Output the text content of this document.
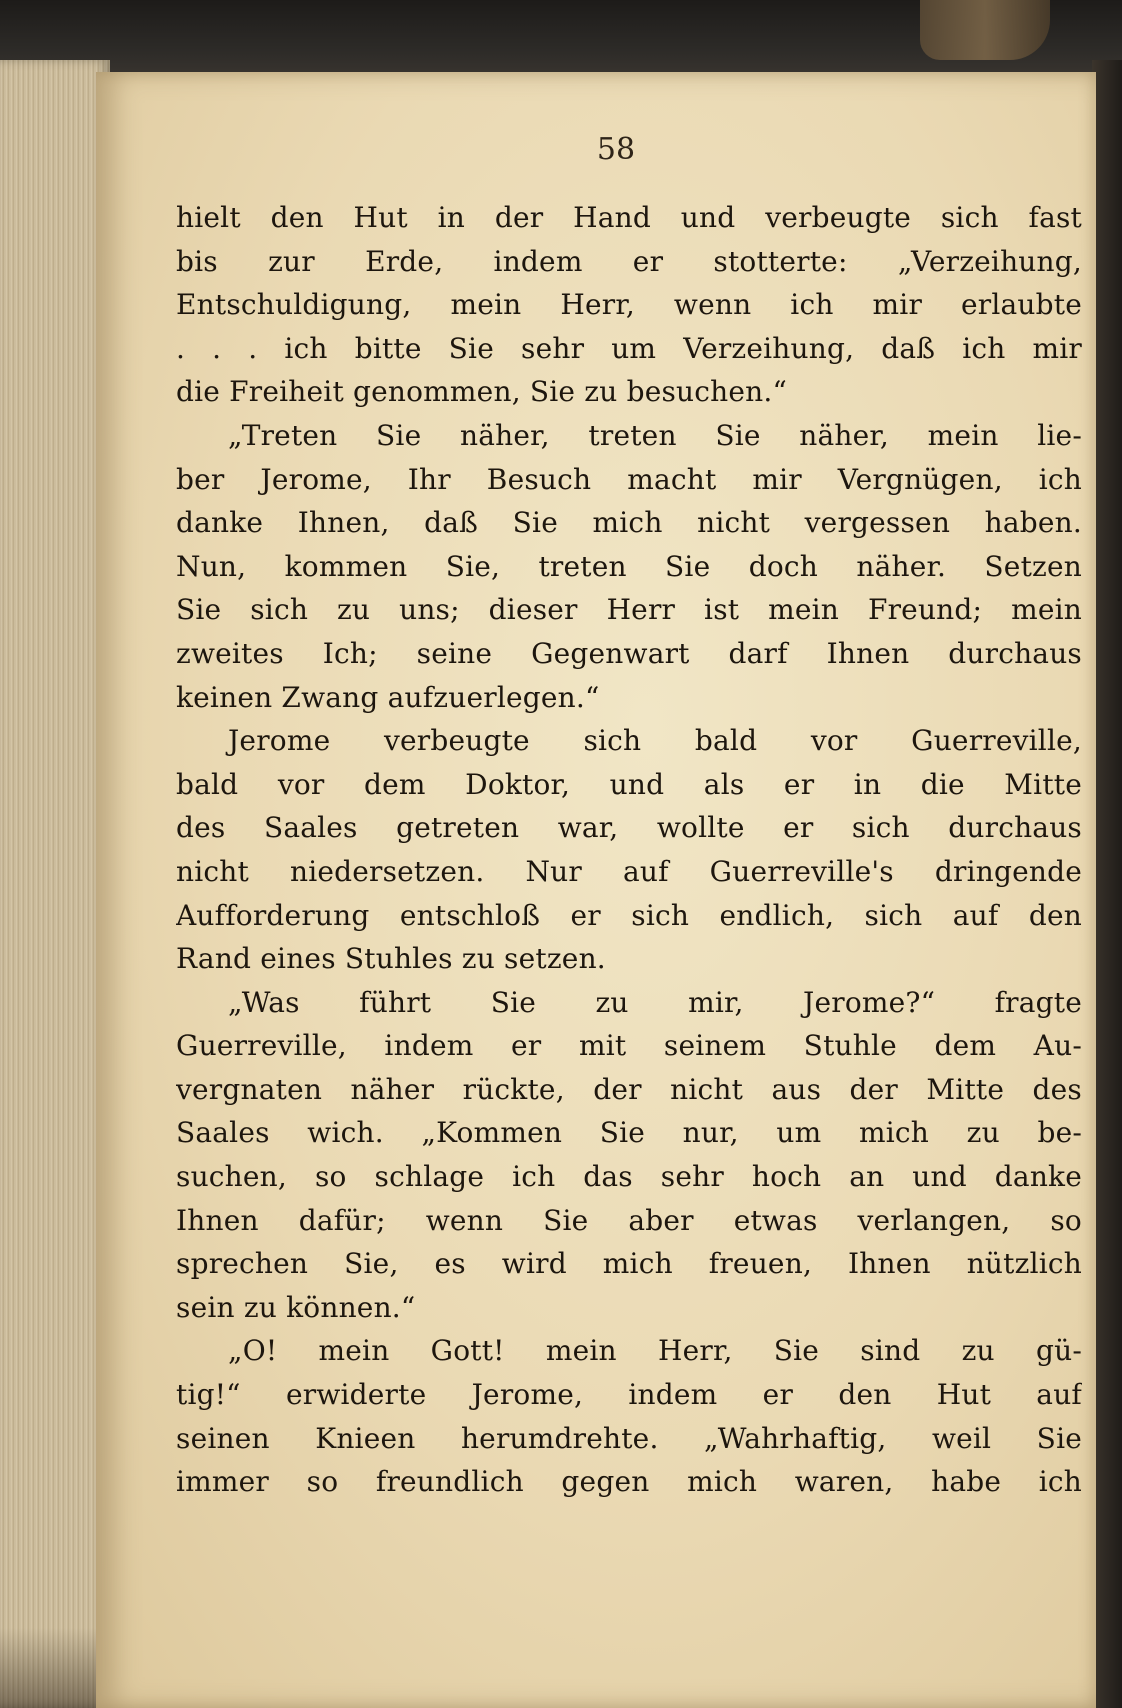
58
hielt den Hut in der Hand und verbeugte sich fast
bis zur Erde, indem er stotterte: „Verzeihung,
Entschuldigung, mein Herr, wenn ich mir erlaubte
. . . ich bitte Sie sehr um Verzeihung, daß ich mir
die Freiheit genommen, Sie zu besuchen.“
„Treten Sie näher, treten Sie näher, mein lie-
ber Jerome, Ihr Besuch macht mir Vergnügen, ich
danke Ihnen, daß Sie mich nicht vergessen haben.
Nun, kommen Sie, treten Sie doch näher. Setzen
Sie sich zu uns; dieser Herr ist mein Freund; mein
zweites Ich; seine Gegenwart darf Ihnen durchaus
keinen Zwang aufzuerlegen.“
Jerome verbeugte sich bald vor Guerreville,
bald vor dem Doktor, und als er in die Mitte
des Saales getreten war, wollte er sich durchaus
nicht niedersetzen. Nur auf Guerreville's dringende
Aufforderung entschloß er sich endlich, sich auf den
Rand eines Stuhles zu setzen.
„Was führt Sie zu mir, Jerome?“ fragte
Guerreville, indem er mit seinem Stuhle dem Au-
vergnaten näher rückte, der nicht aus der Mitte des
Saales wich. „Kommen Sie nur, um mich zu be-
suchen, so schlage ich das sehr hoch an und danke
Ihnen dafür; wenn Sie aber etwas verlangen, so
sprechen Sie, es wird mich freuen, Ihnen nützlich
sein zu können.“
„O! mein Gott! mein Herr, Sie sind zu gü-
tig!“ erwiderte Jerome, indem er den Hut auf
seinen Knieen herumdrehte. „Wahrhaftig, weil Sie
immer so freundlich gegen mich waren, habe ich
